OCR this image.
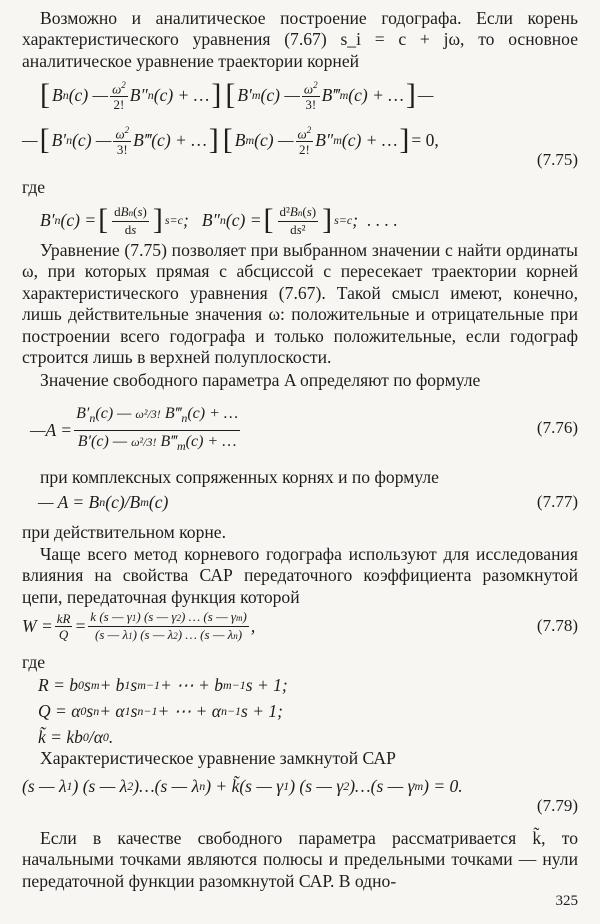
Возможно и аналитическое построение годографа. Если корень характеристического уравнения (7.67) s_i = c + jω, то основное аналитическое уравнение траектории корней

[ B n ( c ) — $\frac{\omega^2}{2!} B''$ n ( c ) + … ] [ B′ m ( c ) — $\frac{\omega^2}{3!}$ B‴ m ( c ) + … ] —
— [ B′ n ( c ) — $\frac{\omega^2}{3!}$ B‴( c ) + … ] [ B m ( c ) — $\frac{\omega^2}{2!} B''$ m ( c ) + … ] = 0,
(7.75)
где
B′ n ( c ) = [ $\frac{\text{dBn(s)}}{ds}$ ] s=c ;   B″ n ( c ) = [ $\frac{\text{d²Bn(s)}}{\text{ds²}}$ ] s=c ; . . . .

Уравнение (7.75) позволяет при выбранном значении c найти ординаты ω, при которых прямая с абсциссой c пересекает траектории корней характеристического уравнения (7.67). Такой смысл имеют, конечно, лишь действительные значения ω: положительные и отрицательные при построении всего годографа и только положительные, если годограф строится лишь в верхней полуплоскости.

Значение свободного параметра A определяют по формуле

—A = $\frac{B'_n(c) — \omega^2/3! B‴_n(c) + \dots}{B'(c) — \omega^2/3! B‴_m(c) + \dots}$	(7.76)

при комплексных сопряженных корнях и по формуле

— A = B n ( c )/B m ( c )	(7.77)

при действительном корне.

Чаще всего метод корневого годографа используют для исследования влияния на свойства САР передаточного коэффициента разомкнутой цепи, передаточная функция которой

$W = \frac{kR}{Q} = \frac{k (s — \gamma 1) (s — \gamma 2) \dots (s — \gamma m)}{(s — \lambda 1) (s — \lambda 2) \dots (s — \lambda n)}$ ,	(7.78)
где
R = b 0 s m + b 1 s m−1 + ⋯ + b m−1 s + 1;
Q = α 0 s n + α 1 s n−1 + ⋯ + α n−1 s + 1;
k̃ = kb 0 /α 0 .

Характеристическое уравнение замкнутой САР

(s — λ 1 ) (s — λ 2 )…(s — λ n ) + k̃(s — γ 1 ) (s — γ 2 )…(s — γ m ) = 0.
(7.79)

Если в качестве свободного параметра рассматривается k̃, то начальными точками являются полюсы и предельными точками — нули передаточной функции разомкнутой САР. В одно-

325
